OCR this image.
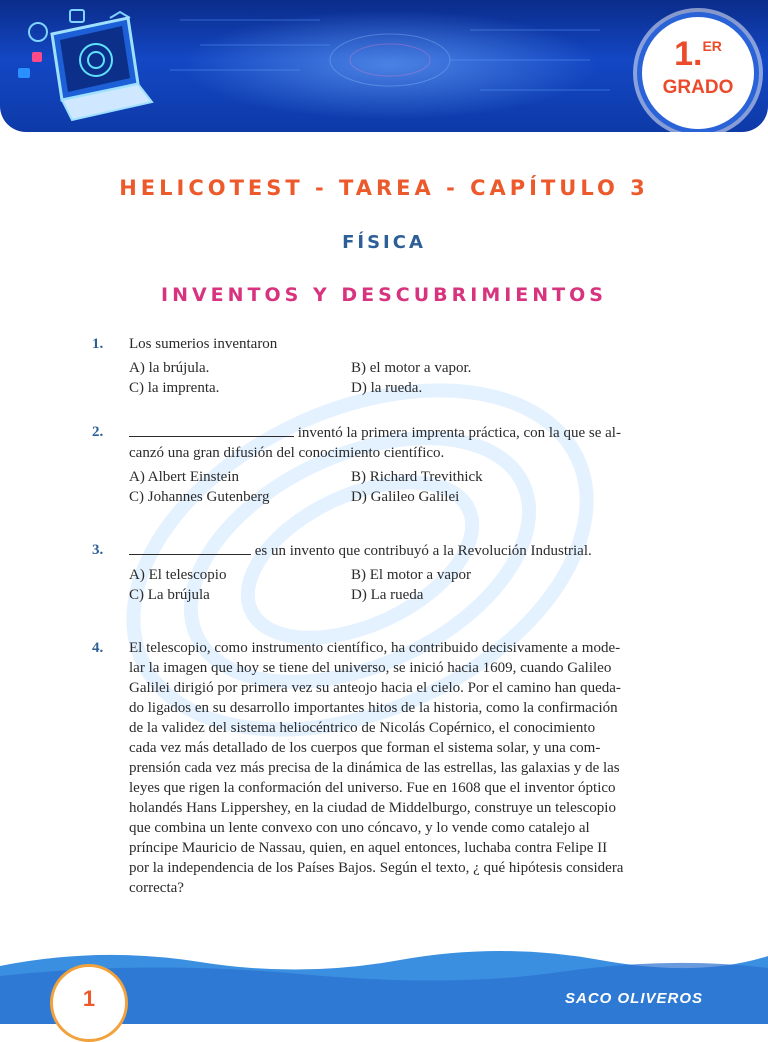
1.$^{ER}$
GRADO
HELICOTEST - TAREA - CAPÍTULO 3
FÍSICA
INVENTOS Y DESCUBRIMIENTOS
1. Los sumerios inventaron
A) la brújula.	B) el motor a vapor.
C) la imprenta.	D) la rueda.
2.	inventó la primera imprenta práctica, con la que se al-
canzó una gran difusión del conocimiento científico.
A) Albert Einstein	B) Richard Trevithick
C) Johannes Gutenberg	D) Galileo Galilei
3.	es un invento que contribuyó a la Revolución Industrial.
A) El telescopio	B) El motor a vapor
C) La brújula	D) La rueda
4. El telescopio, como instrumento científico, ha contribuido decisivamente a mode-
lar la imagen que hoy se tiene del universo, se inició hacia 1609, cuando Galileo
Galilei dirigió por primera vez su anteojo hacia el cielo. Por el camino han queda-
do ligados en su desarrollo importantes hitos de la historia, como la confirmación
de la validez del sistema heliocéntrico de Nicolás Copérnico, el conocimiento
cada vez más detallado de los cuerpos que forman el sistema solar, y una com-
prensión cada vez más precisa de la dinámica de las estrellas, las galaxias y de las
leyes que rigen la conformación del universo. Fue en 1608 que el inventor óptico
holandés Hans Lippershey, en la ciudad de Middelburgo, construye un telescopio
que combina un lente convexo con uno cóncavo, y lo vende como catalejo al
príncipe Mauricio de Nassau, quien, en aquel entonces, luchaba contra Felipe II
por la independencia de los Países Bajos. Según el texto, ¿ qué hipótesis considera
correcta?
1	SACO OLIVEROS
